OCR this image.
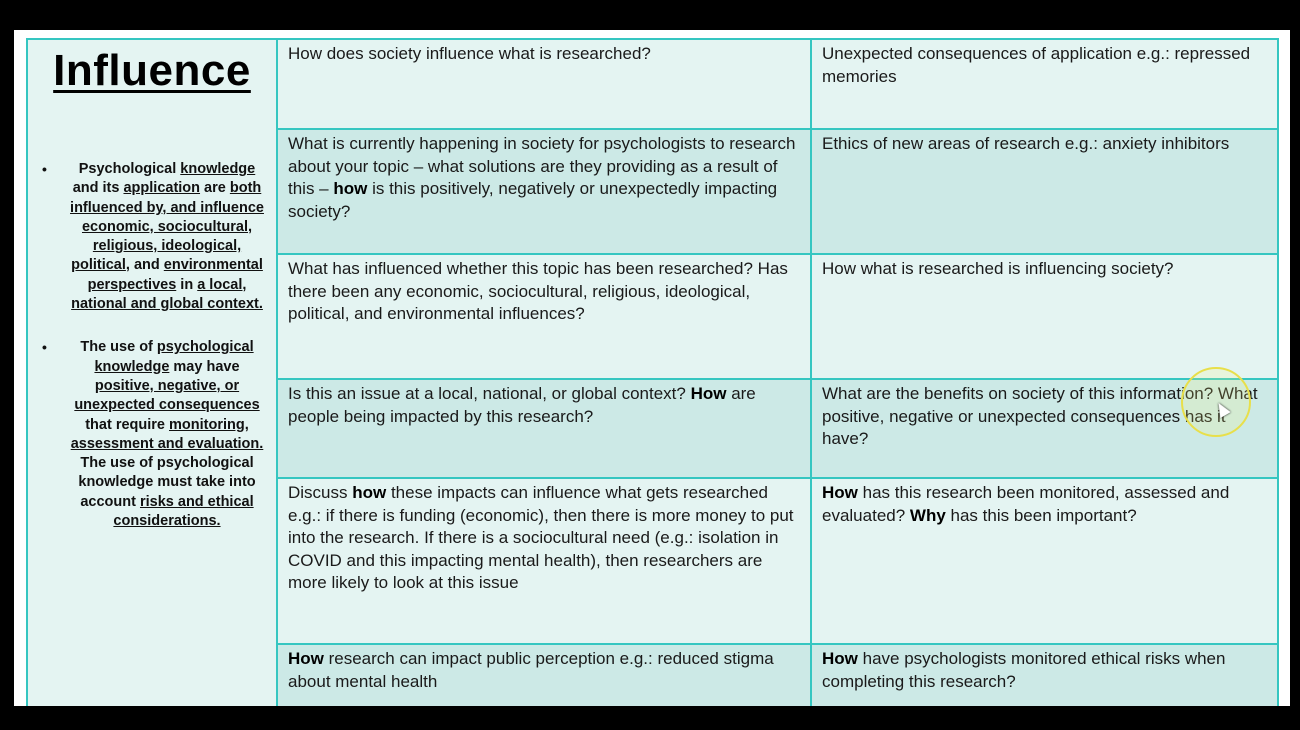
Influence
• Psychological knowledge and its application are both influenced by, and influence economic, sociocultural, religious, ideological, political, and environmental perspectives in a local, national and global context.
• The use of psychological knowledge may have positive, negative, or unexpected consequences that require monitoring, assessment and evaluation. The use of psychological knowledge must take into account risks and ethical considerations.
How does society influence what is researched?	Unexpected consequences of application e.g.: repressed memories
What is currently happening in society for psychologists to research about your topic – what solutions are they providing as a result of this – how is this positively, negatively or unexpectedly impacting society?
Ethics of new areas of research e.g.: anxiety inhibitors
What has influenced whether this topic has been researched? Has there been any economic, sociocultural, religious, ideological, political, and environmental influences?
How what is researched is influencing society?
Is this an issue at a local, national, or global context? How are people being impacted by this research?
What are the benefits on society of this information? What positive, negative or unexpected consequences has it have?
Discuss how these impacts can influence what gets researched e.g.: if there is funding (economic), then there is more money to put into the research. If there is a sociocultural need (e.g.: isolation in COVID and this impacting mental health), then researchers are more likely to look at this issue
How has this research been monitored, assessed and evaluated? Why has this been important?
How research can impact public perception e.g.: reduced stigma about mental health
How have psychologists monitored ethical risks when completing this research?
